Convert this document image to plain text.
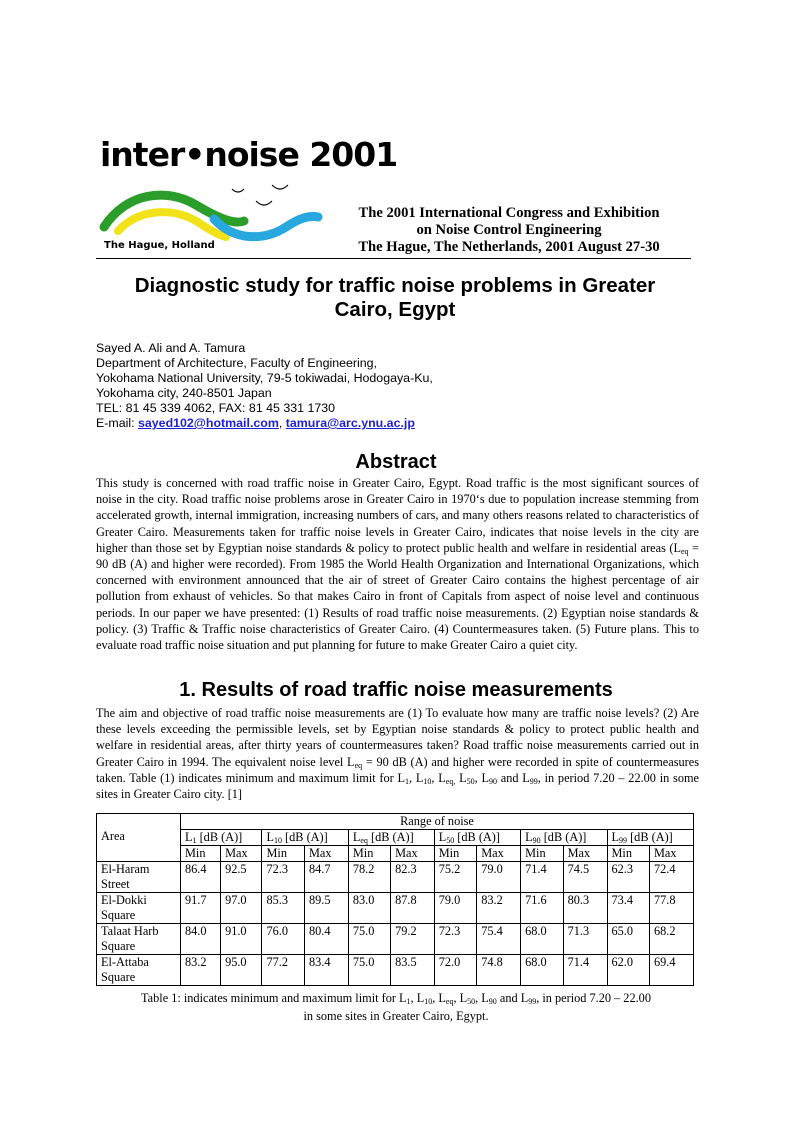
inter•noise 2001
The Hague, Holland
The 2001 International Congress and Exhibition
on Noise Control Engineering
The Hague, The Netherlands, 2001 August 27-30
Diagnostic study for traffic noise problems in Greater
Cairo, Egypt
Sayed A. Ali and A. Tamura
Department of Architecture, Faculty of Engineering,
Yokohama National University, 79-5 tokiwadai, Hodogaya-Ku,
Yokohama city, 240-8501 Japan
TEL: 81 45 339 4062, FAX: 81 45 331 1730
E-mail: sayed102@hotmail.com, tamura@arc.ynu.ac.jp
Abstract
This study is concerned with road traffic noise in Greater Cairo, Egypt. Road traffic is the most significant sources of noise in the city. Road traffic noise problems arose in Greater Cairo in 1970‘s due to population increase stemming from accelerated growth, internal immigration, increasing numbers of cars, and many others reasons related to characteristics of Greater Cairo. Measurements taken for traffic noise levels in Greater Cairo, indicates that noise levels in the city are higher than those set by Egyptian noise standards & policy to protect public health and welfare in residential areas ($L_{eq} = 90$ dB (A) and higher were recorded). From 1985 the World Health Organization and International Organizations, which concerned with environment announced that the air of street of Greater Cairo contains the highest percentage of air pollution from exhaust of vehicles. So that makes Cairo in front of Capitals from aspect of noise level and continuous periods. In our paper we have presented: (1) Results of road traffic noise measurements. (2) Egyptian noise standards & policy. (3) Traffic & Traffic noise characteristics of Greater Cairo. (4) Countermeasures taken. (5) Future plans. This to evaluate road traffic noise situation and put planning for future to make Greater Cairo a quiet city.
1. Results of road traffic noise measurements
The aim and objective of road traffic noise measurements are (1) To evaluate how many are traffic noise levels? (2) Are these levels exceeding the permissible levels, set by Egyptian noise standards & policy to protect public health and welfare in residential areas, after thirty years of countermeasures taken? Road traffic noise measurements carried out in Greater Cairo in 1994. The equivalent noise level $L_{eq} = 90$ dB (A) and higher were recorded in spite of countermeasures taken. Table (1) indicates minimum and maximum limit for $L_1$, $L_{10}$, $L_{eq,}$ $L_{50}$, $L_{90}$ and $L_{99}$, in period 7.20 – 22.00 in some sites in Greater Cairo city. [1]
Area	Range of noise											
	$L_1$ [dB (A)]		$L_{10}$ [dB (A)]		$L_{eq}$ [dB (A)]		$L_{50}$ [dB (A)]		$L_{90}$ [dB (A)]		$L_{99}$ [dB (A)]	
	Min	Max	Min	Max	Min	Max	Min	Max	Min	Max	Min	Max
El-Haram Street	86.4	92.5	72.3	84.7	78.2	82.3	75.2	79.0	71.4	74.5	62.3	72.4
El-Dokki Square	91.7	97.0	85.3	89.5	83.0	87.8	79.0	83.2	71.6	80.3	73.4	77.8
Talaat Harb Square	84.0	91.0	76.0	80.4	75.0	79.2	72.3	75.4	68.0	71.3	65.0	68.2
El-Attaba Square	83.2	95.0	77.2	83.4	75.0	83.5	72.0	74.8	68.0	71.4	62.0	69.4
Table 1: indicates minimum and maximum limit for $L_1$, $L_{10}$, $L_{eq}$, $L_{50}$, $L_{90}$ and $L_{99}$, in period 7.20 – 22.00
in some sites in Greater Cairo, Egypt.
